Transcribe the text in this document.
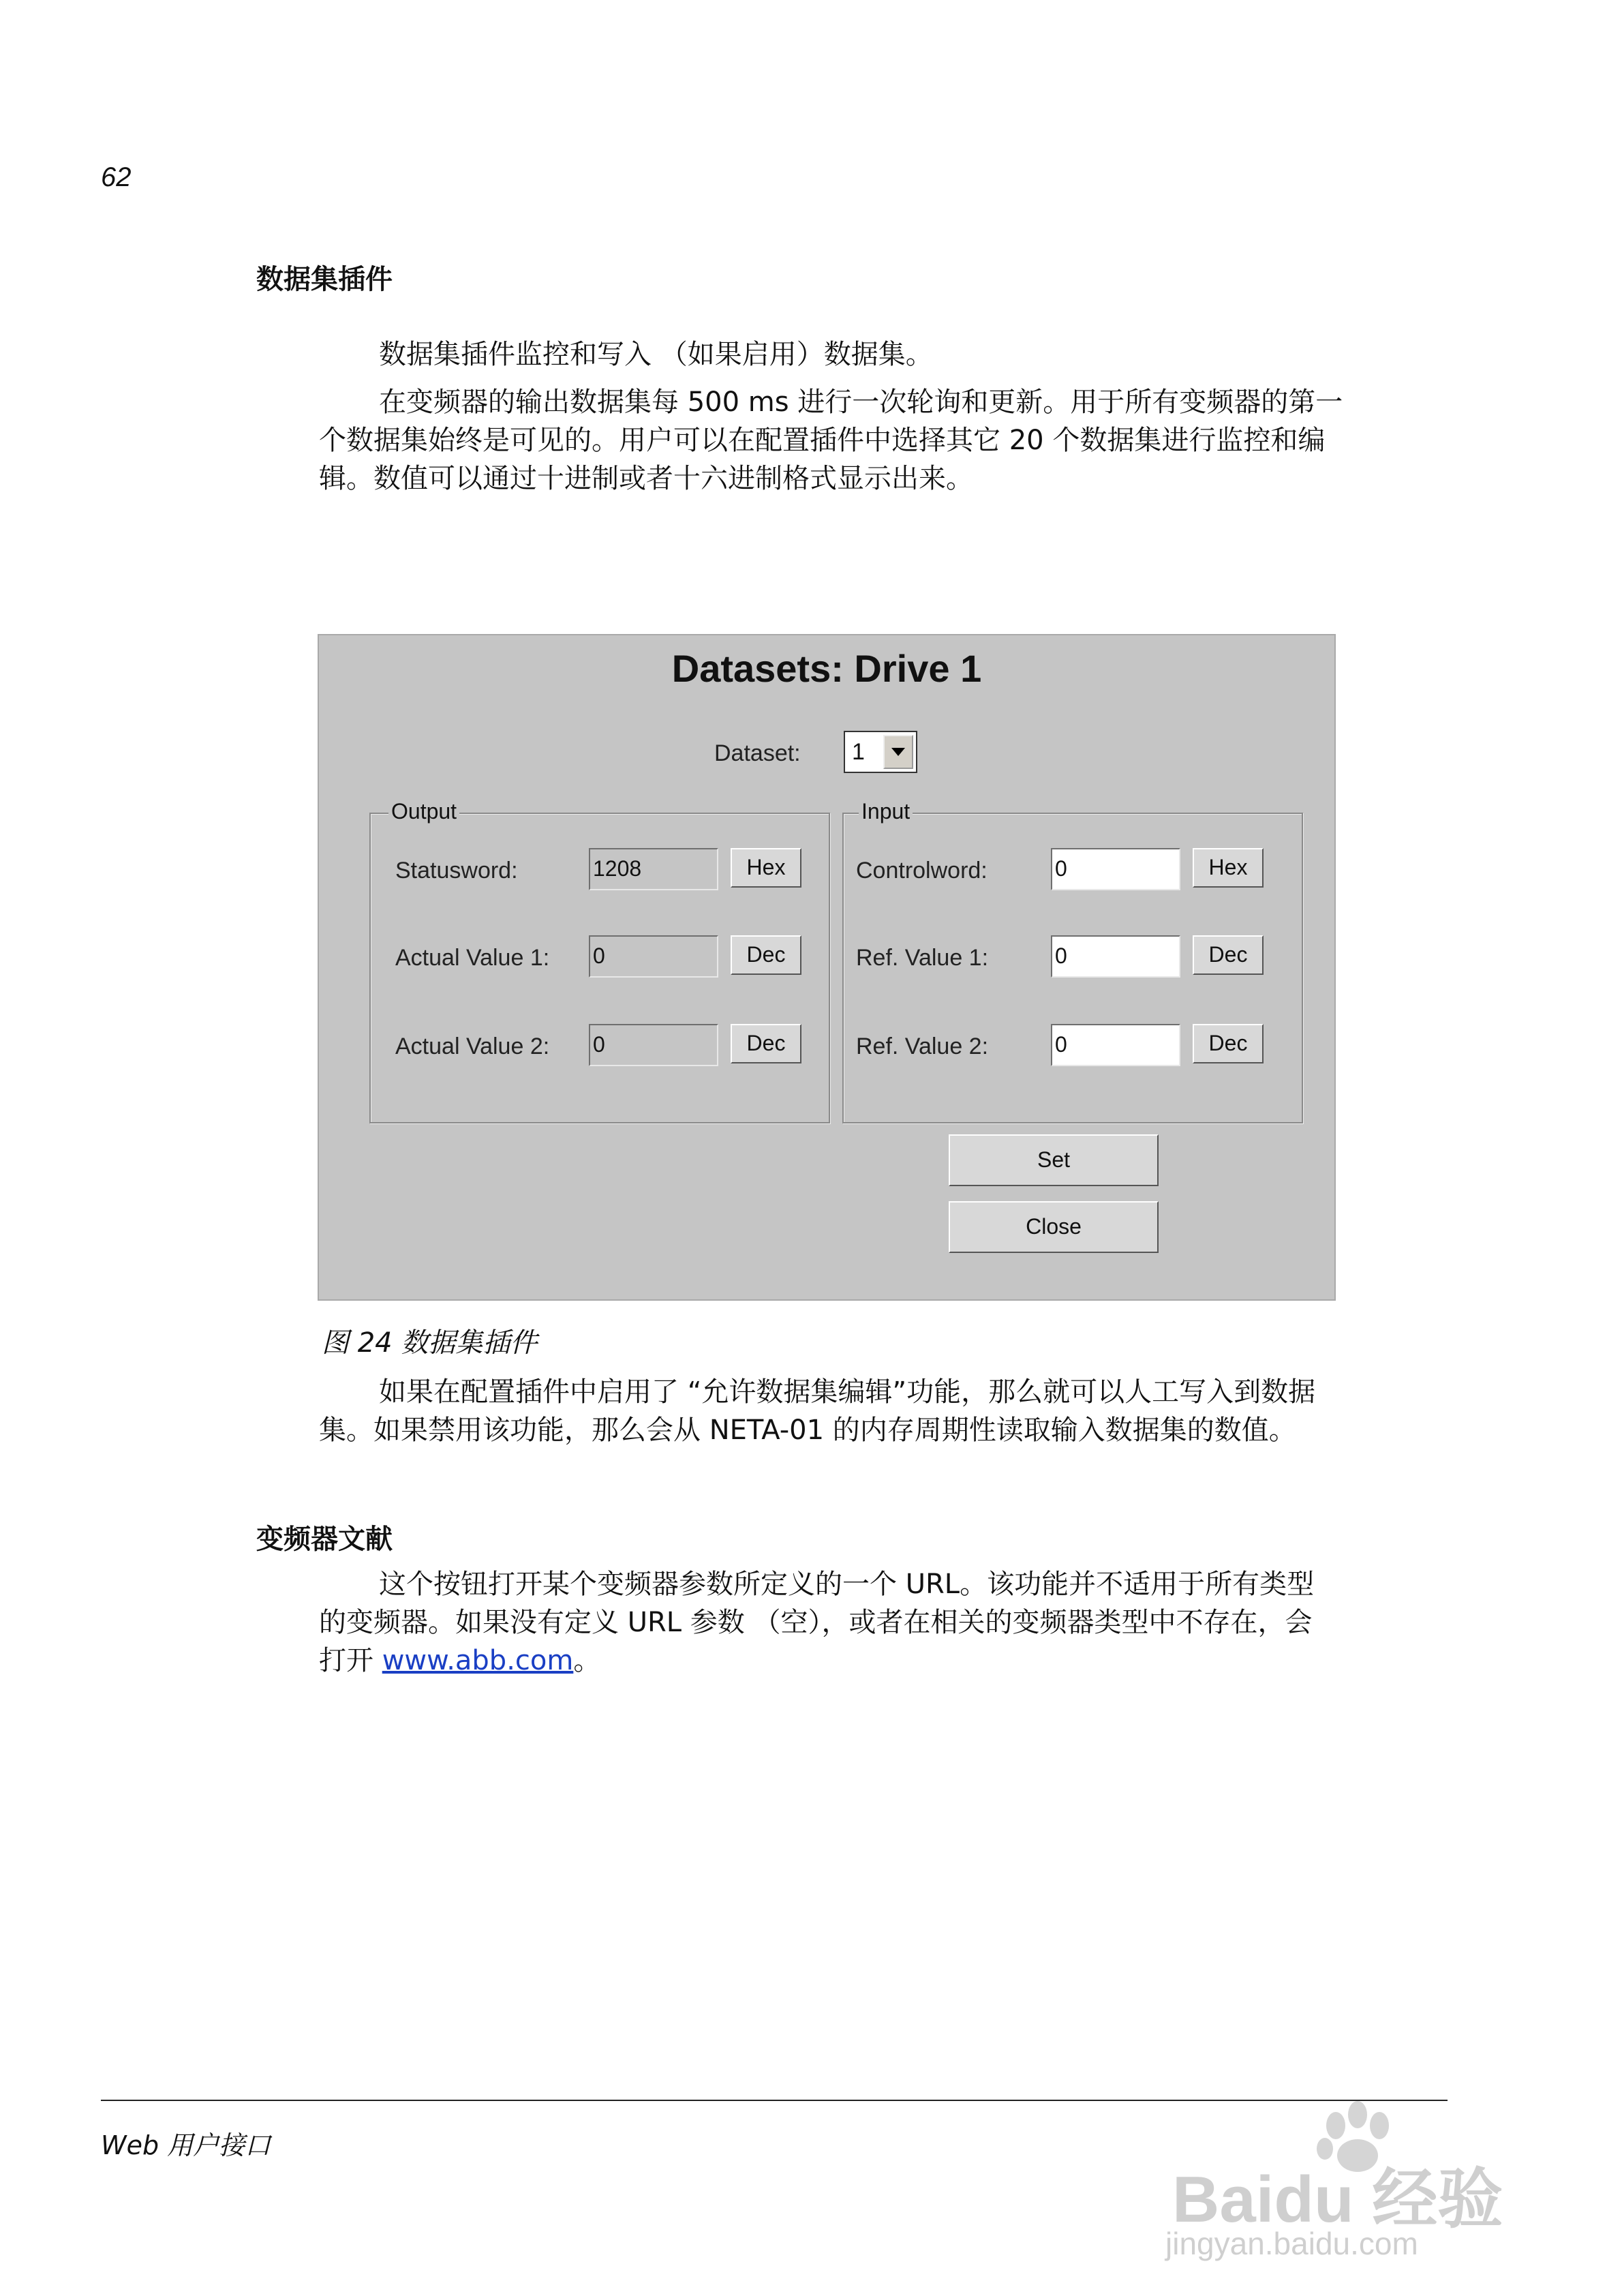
62
数据集插件
数据集插件监控和写入 （如果启用）数据集。

在变频器的输出数据集每 500 ms 进行一次轮询和更新。用于所有变频器的第一

个数据集始终是可见的。用户可以在配置插件中选择其它 20 个数据集进行监控和编

辑。数值可以通过十进制或者十六进制格式显示出来。

Datasets: Drive 1
Dataset: 1
Output
Statusword:	1208	Hex
Actual Value 1: 0	Dec
Actual Value 2: 0	Dec
Input
Controlword:	0	Hex
Ref. Value 1:	0	Dec
Ref. Value 2:	0	Dec
Set
Close
图 24 数据集插件

如果在配置插件中启用了 “允许数据集编辑”功能，那么就可以人工写入到数据

集。如果禁用该功能，那么会从 NETA-01 的内存周期性读取输入数据集的数值。

变频器文献

这个按钮打开某个变频器参数所定义的一个 URL。该功能并不适用于所有类型

的变频器。如果没有定义 URL 参数 （空），或者在相关的变频器类型中不存在，会

打开 www.abb.com。

Web 用户接口
Baidu 经验
jingyan.baidu.com
